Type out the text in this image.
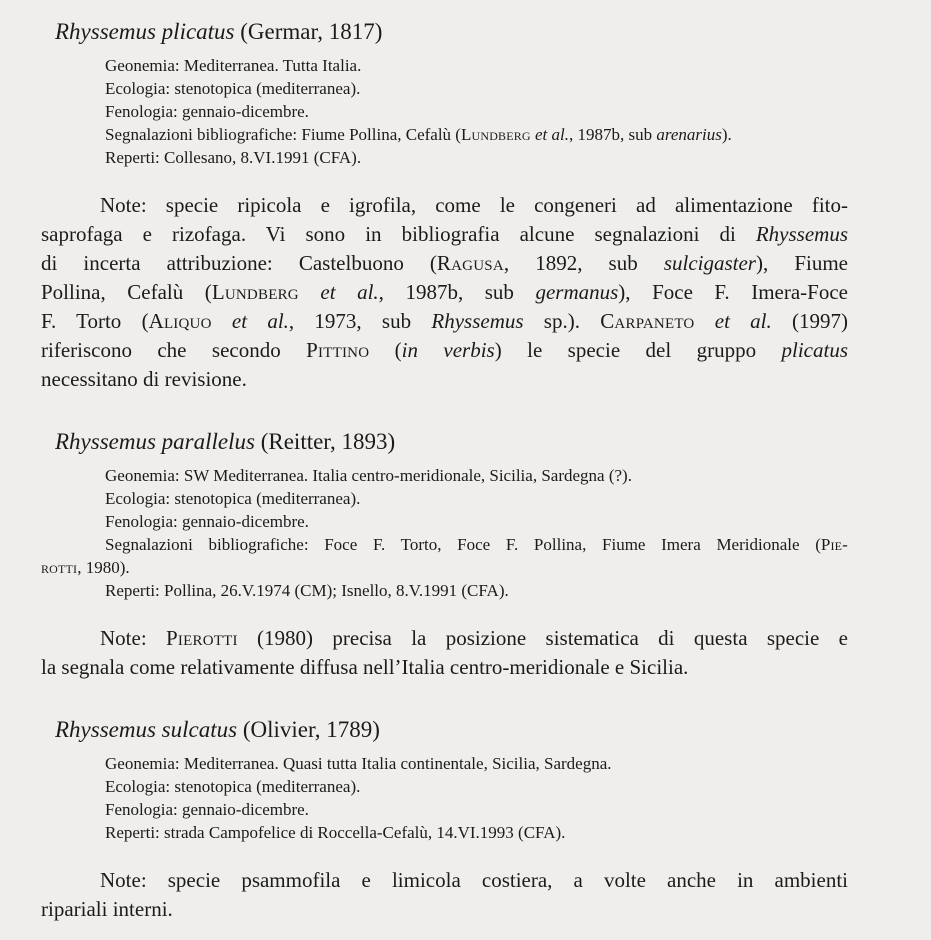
Rhyssemus plicatus (Germar, 1817)
Geonemia: Mediterranea. Tutta Italia.
Ecologia: stenotopica (mediterranea).
Fenologia: gennaio-dicembre.
Segnalazioni bibliografiche: Fiume Pollina, Cefalù (Lundberg et al., 1987b, sub arenarius).
Reperti: Collesano, 8.VI.1991 (CFA).
Note: specie ripicola e igrofila, come le congeneri ad alimentazione fito-
saprofaga e rizofaga. Vi sono in bibliografia alcune segnalazioni di Rhyssemus
di incerta attribuzione: Castelbuono (Ragusa, 1892, sub sulcigaster), Fiume
Pollina, Cefalù (Lundberg et al., 1987b, sub germanus), Foce F. Imera-Foce
F. Torto (Aliquo et al., 1973, sub Rhyssemus sp.). Carpaneto et al. (1997)
riferiscono che secondo Pittino (in verbis) le specie del gruppo plicatus
necessitano di revisione.
Rhyssemus parallelus (Reitter, 1893)
Geonemia: SW Mediterranea. Italia centro-meridionale, Sicilia, Sardegna (?).
Ecologia: stenotopica (mediterranea).
Fenologia: gennaio-dicembre.
Segnalazioni bibliografiche: Foce F. Torto, Foce F. Pollina, Fiume Imera Meridionale (Pie-
rotti, 1980).
Reperti: Pollina, 26.V.1974 (CM); Isnello, 8.V.1991 (CFA).
Note: Pierotti (1980) precisa la posizione sistematica di questa specie e
la segnala come relativamente diffusa nell’Italia centro-meridionale e Sicilia.
Rhyssemus sulcatus (Olivier, 1789)
Geonemia: Mediterranea. Quasi tutta Italia continentale, Sicilia, Sardegna.
Ecologia: stenotopica (mediterranea).
Fenologia: gennaio-dicembre.
Reperti: strada Campofelice di Roccella-Cefalù, 14.VI.1993 (CFA).
Note: specie psammofila e limicola costiera, a volte anche in ambienti
ripariali interni.
